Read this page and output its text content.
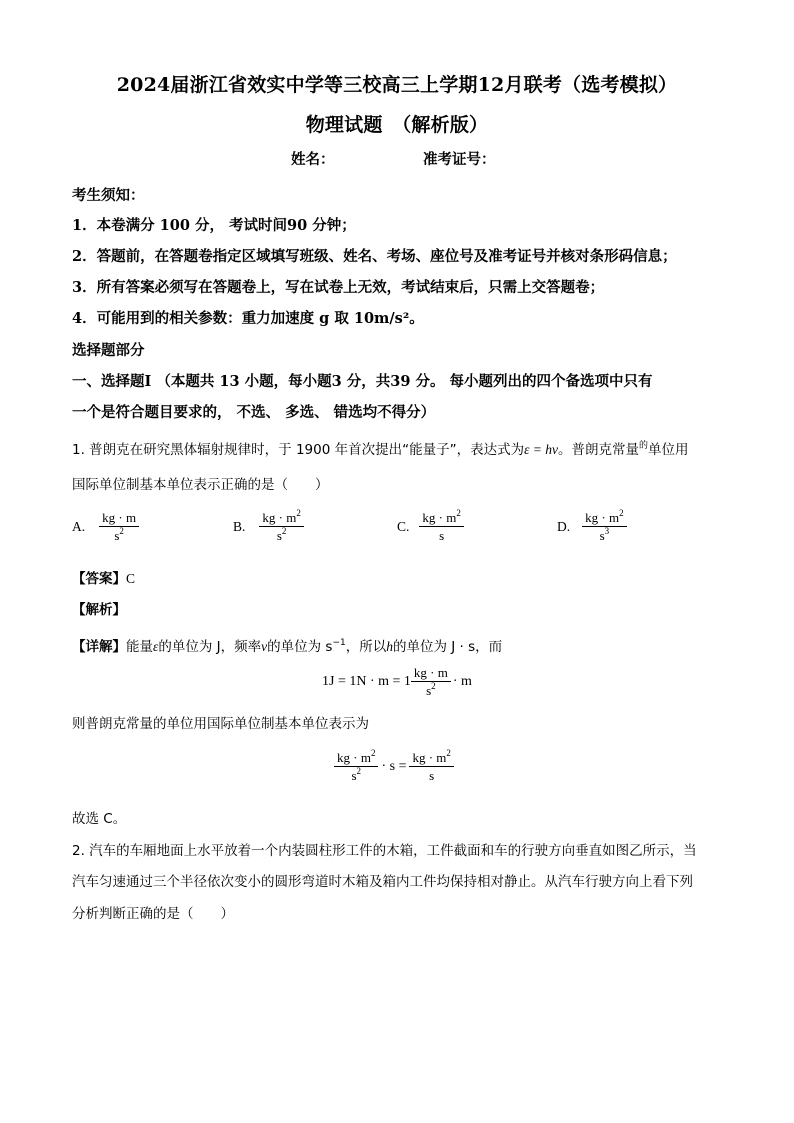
2024届浙江省效实中学等三校高三上学期12月联考（选考模拟）
物理试题　（解析版）
姓名：	准考证号：
考生须知：
1．本卷满分 100 分， 考试时间90 分钟；
2．答题前，在答题卷指定区域填写班级、姓名、考场、座位号及准考证号并核对条形码信息；
3．所有答案必须写在答题卷上，写在试卷上无效，考试结束后，只需上交答题卷；
4．可能用到的相关参数：重力加速度 g 取 10m/s²。
选择题部分
一、选择题Ⅰ （本题共 13 小题，每小题3 分，共39 分。 每小题列出的四个备选项中只有
一个是符合题目要求的， 不选、 多选、 错选均不得分）
1. 普朗克在研究黑体辐射规律时，于 1900 年首次提出“能量子”，表达式为ε = hν。普朗克常量$^的$单位用
国际单位制基本单位表示正确的是（　　）
A. $\frac{kg \cdot m}{s^2}$	B. $\frac{kg \cdot m^2}{s^2}$	C. $\frac{kg \cdot m^2}{s}$	D. $\frac{kg \cdot m^2}{s^3}$
【答案】C
【解析】
【详解】能量ε的单位为 J，频率ν的单位为 $s^{-1}$，所以h的单位为 J · s，而
$1J = 1N \cdot m = 1 \frac{kg \cdot m}{s^2} \cdot m$
则普朗克常量的单位用国际单位制基本单位表示为
$\frac{kg \cdot m^2}{s^2} \cdot s = \frac{kg \cdot m^2}{s}$
故选 C。
2. 汽车的车厢地面上水平放着一个内装圆柱形工件的木箱，工件截面和车的行驶方向垂直如图乙所示，当
汽车匀速通过三个半径依次变小的圆形弯道时木箱及箱内工件均保持相对静止。从汽车行驶方向上看下列
分析判断正确的是（　　）
